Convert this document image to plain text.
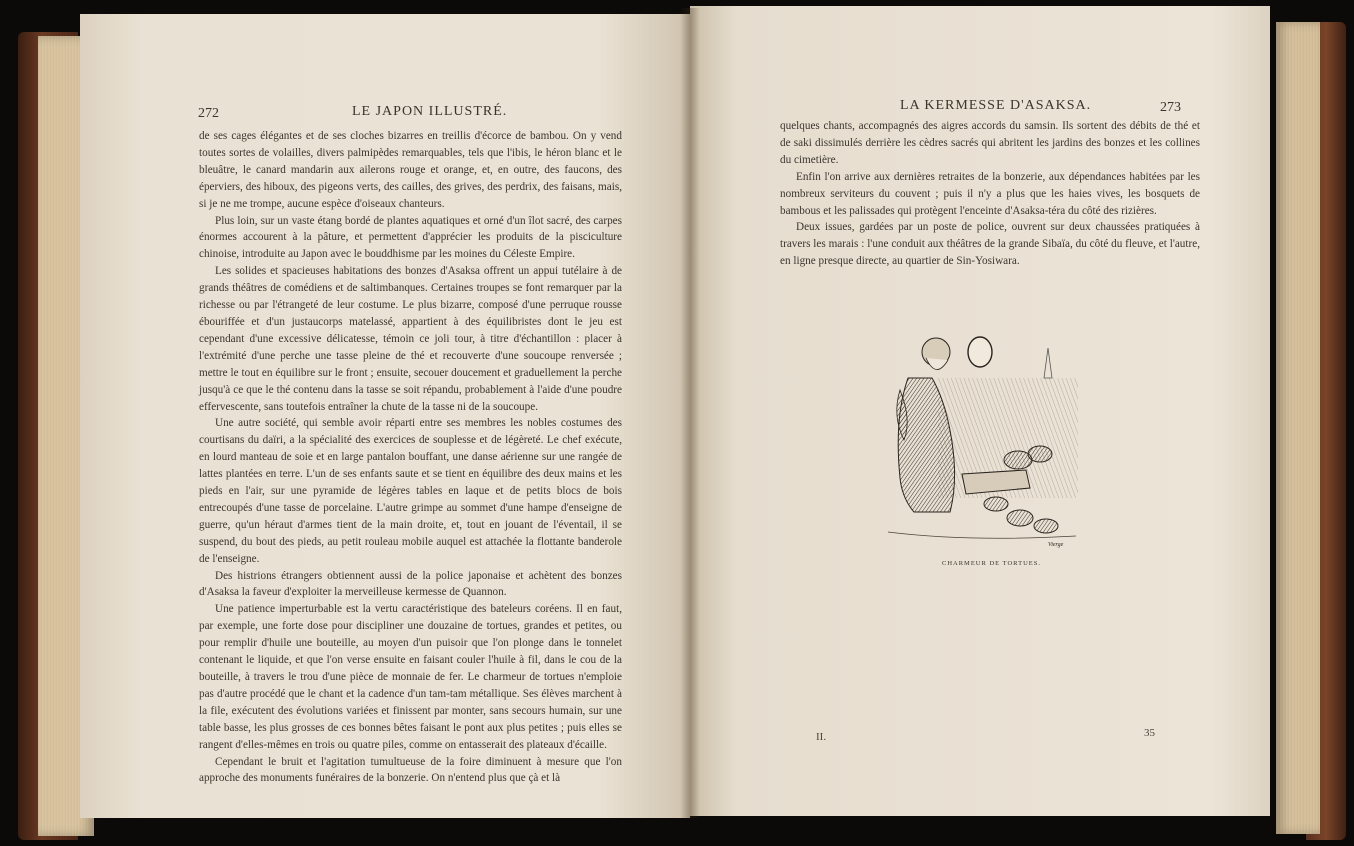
272	LE JAPON ILLUSTRÉ.

de ses cages élégantes et de ses cloches bizarres en treillis d'écorce de bambou. On y vend toutes sortes de volailles, divers palmipèdes remarquables, tels que l'ibis, le héron blanc et le bleuâtre, le canard mandarin aux ailerons rouge et orange, et, en outre, des faucons, des éperviers, des hiboux, des pigeons verts, des cailles, des grives, des perdrix, des faisans, mais, si je ne me trompe, aucune espèce d'oiseaux chanteurs.

Plus loin, sur un vaste étang bordé de plantes aquatiques et orné d'un îlot sacré, des carpes énormes accourent à la pâture, et permettent d'apprécier les produits de la pisciculture chinoise, introduite au Japon avec le bouddhisme par les moines du Céleste Empire.

Les solides et spacieuses habitations des bonzes d'Asaksa offrent un appui tutélaire à de grands théâtres de comédiens et de saltimbanques. Certaines troupes se font remarquer par la richesse ou par l'étrangeté de leur costume. Le plus bizarre, composé d'une perruque rousse ébouriffée et d'un justaucorps matelassé, appartient à des équilibristes dont le jeu est cependant d'une excessive délicatesse, témoin ce joli tour, à titre d'échantillon : placer à l'extrémité d'une perche une tasse pleine de thé et recouverte d'une soucoupe renversée ; mettre le tout en équilibre sur le front ; ensuite, secouer doucement et graduellement la perche jusqu'à ce que le thé contenu dans la tasse se soit répandu, probablement à l'aide d'une poudre effervescente, sans toutefois entraîner la chute de la tasse ni de la soucoupe.

Une autre société, qui semble avoir réparti entre ses membres les nobles costumes des courtisans du daïri, a la spécialité des exercices de souplesse et de légèreté. Le chef exécute, en lourd manteau de soie et en large pantalon bouffant, une danse aérienne sur une rangée de lattes plantées en terre. L'un de ses enfants saute et se tient en équilibre des deux mains et les pieds en l'air, sur une pyramide de légères tables en laque et de petits blocs de bois entrecoupés d'une tasse de porcelaine. L'autre grimpe au sommet d'une hampe d'enseigne de guerre, qu'un héraut d'armes tient de la main droite, et, tout en jouant de l'éventail, il se suspend, du bout des pieds, au petit rouleau mobile auquel est attachée la flottante banderole de l'enseigne.

Des histrions étrangers obtiennent aussi de la police japonaise et achètent des bonzes d'Asaksa la faveur d'exploiter la merveilleuse kermesse de Quannon.

Une patience imperturbable est la vertu caractéristique des bateleurs coréens. Il en faut, par exemple, une forte dose pour discipliner une douzaine de tortues, grandes et petites, ou pour remplir d'huile une bouteille, au moyen d'un puisoir que l'on plonge dans le tonnelet contenant le liquide, et que l'on verse ensuite en faisant couler l'huile à fil, dans le cou de la bouteille, à travers le trou d'une pièce de monnaie de fer. Le charmeur de tortues n'emploie pas d'autre procédé que le chant et la cadence d'un tam-tam métallique. Ses élèves marchent à la file, exécutent des évolutions variées et finissent par monter, sans secours humain, sur une table basse, les plus grosses de ces bonnes bêtes faisant le pont aux plus petites ; puis elles se rangent d'elles-mêmes en trois ou quatre piles, comme on entasserait des plateaux d'écaille.

Cependant le bruit et l'agitation tumultueuse de la foire diminuent à mesure que l'on approche des monuments funéraires de la bonzerie. On n'entend plus que çà et là

LA KERMESSE D'ASAKSA.	273

quelques chants, accompagnés des aigres accords du samsin. Ils sortent des débits de thé et de saki dissimulés derrière les cèdres sacrés qui abritent les jardins des bonzes et les collines du cimetière.

Enfin l'on arrive aux dernières retraites de la bonzerie, aux dépendances habitées par les nombreux serviteurs du couvent ; puis il n'y a plus que les haies vives, les bosquets de bambous et les palissades qui protègent l'enceinte d'Asaksa-téra du côté des rizières.

Deux issues, gardées par un poste de police, ouvrent sur deux chaussées pratiquées à travers les marais : l'une conduit aux théâtres de la grande Sibaïa, du côté du fleuve, et l'autre, en ligne presque directe, au quartier de Sin-Yosiwara.

Vierge
CHARMEUR DE TORTUES.
II.	35
